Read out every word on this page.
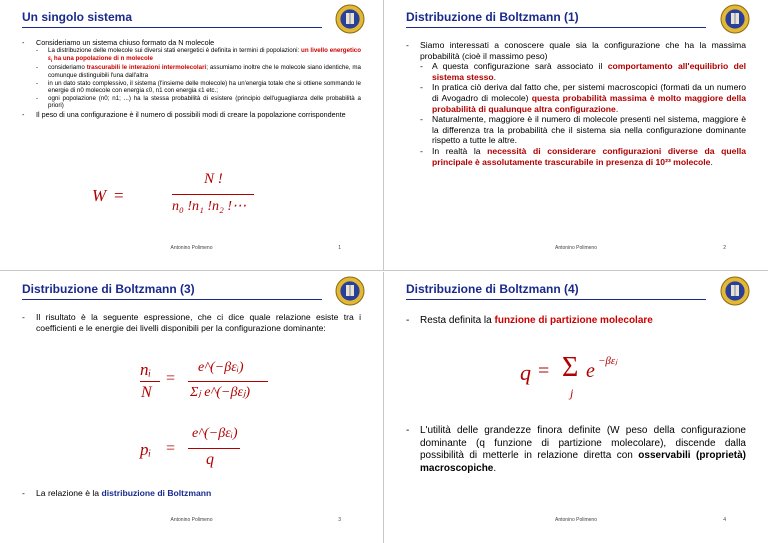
Un singolo sistema
- Consideriamo un sistema chiuso formato da N molecole
- La distribuzione delle molecole sui diversi stati energetici è definita in termini di popolazioni: un livello energetico $\varepsilon_i$ ha una popolazione di n molecole
- consideriamo trascurabili le interazioni intermolecolari; assumiamo inoltre che le molecole siano identiche, ma comunque distinguibili l'una dall'altra
- in un dato stato complessivo, il sistema (l'insieme delle molecole) ha un'energia totale che si ottiene sommando le energie di n0 molecole con energia ε0, n1 con energia ε1 etc.;
- ogni popolazione (n0; n1; ...) ha la stessa probabilità di esistere (principio dell'uguaglianza delle probabilità a priori)
- Il peso di una configurazione è il numero di possibili modi di creare la popolazione corrispondente
W =
N !
n₀ !n₁ !n₂ !⋯
Antonino Polimeno	1
Distribuzione di Boltzmann (1)
- Siamo interessati a conoscere quale sia la configurazione che ha la massima probabilità (cioè il massimo peso)
- A questa configurazione sarà associato il comportamento all'equilibrio del sistema stesso.
- In pratica ciò deriva dal fatto che, per sistemi macroscopici (formati da un numero di Avogadro di molecole) questa probabilità massima è molto maggiore della probabilità di qualunque altra configurazione.
- Naturalmente, maggiore è il numero di molecole presenti nel sistema, maggiore è la differenza tra la probabilità che il sistema sia nella configurazione dominante rispetto a tutte le altre.
- In realtà la necessità di considerare configurazioni diverse da quella principale è assolutamente trascurabile in presenza di 10²³ molecole.
Antonino Polimeno	2
Distribuzione di Boltzmann (3)
- Il risultato è la seguente espressione, che ci dice quale relazione esiste tra i coefficienti e le energie dei livelli disponibili per la configurazione dominante:
nᵢ
N
=
e^(−βεᵢ)
Σⱼ e^(−βεⱼ)
pᵢ =
e^(−βεᵢ)
q
- La relazione è la distribuzione di Boltzmann
Antonino Polimeno	3
Distribuzione di Boltzmann (4)
- Resta definita la funzione di partizione molecolare
q = Σ
j
e −βεⱼ
- L'utilità delle grandezze finora definite (W peso della configurazione dominante (q funzione di partizione molecolare), discende dalla possibilità di metterle in relazione diretta con osservabili (proprietà) macroscopiche.
Antonino Polimeno	4
